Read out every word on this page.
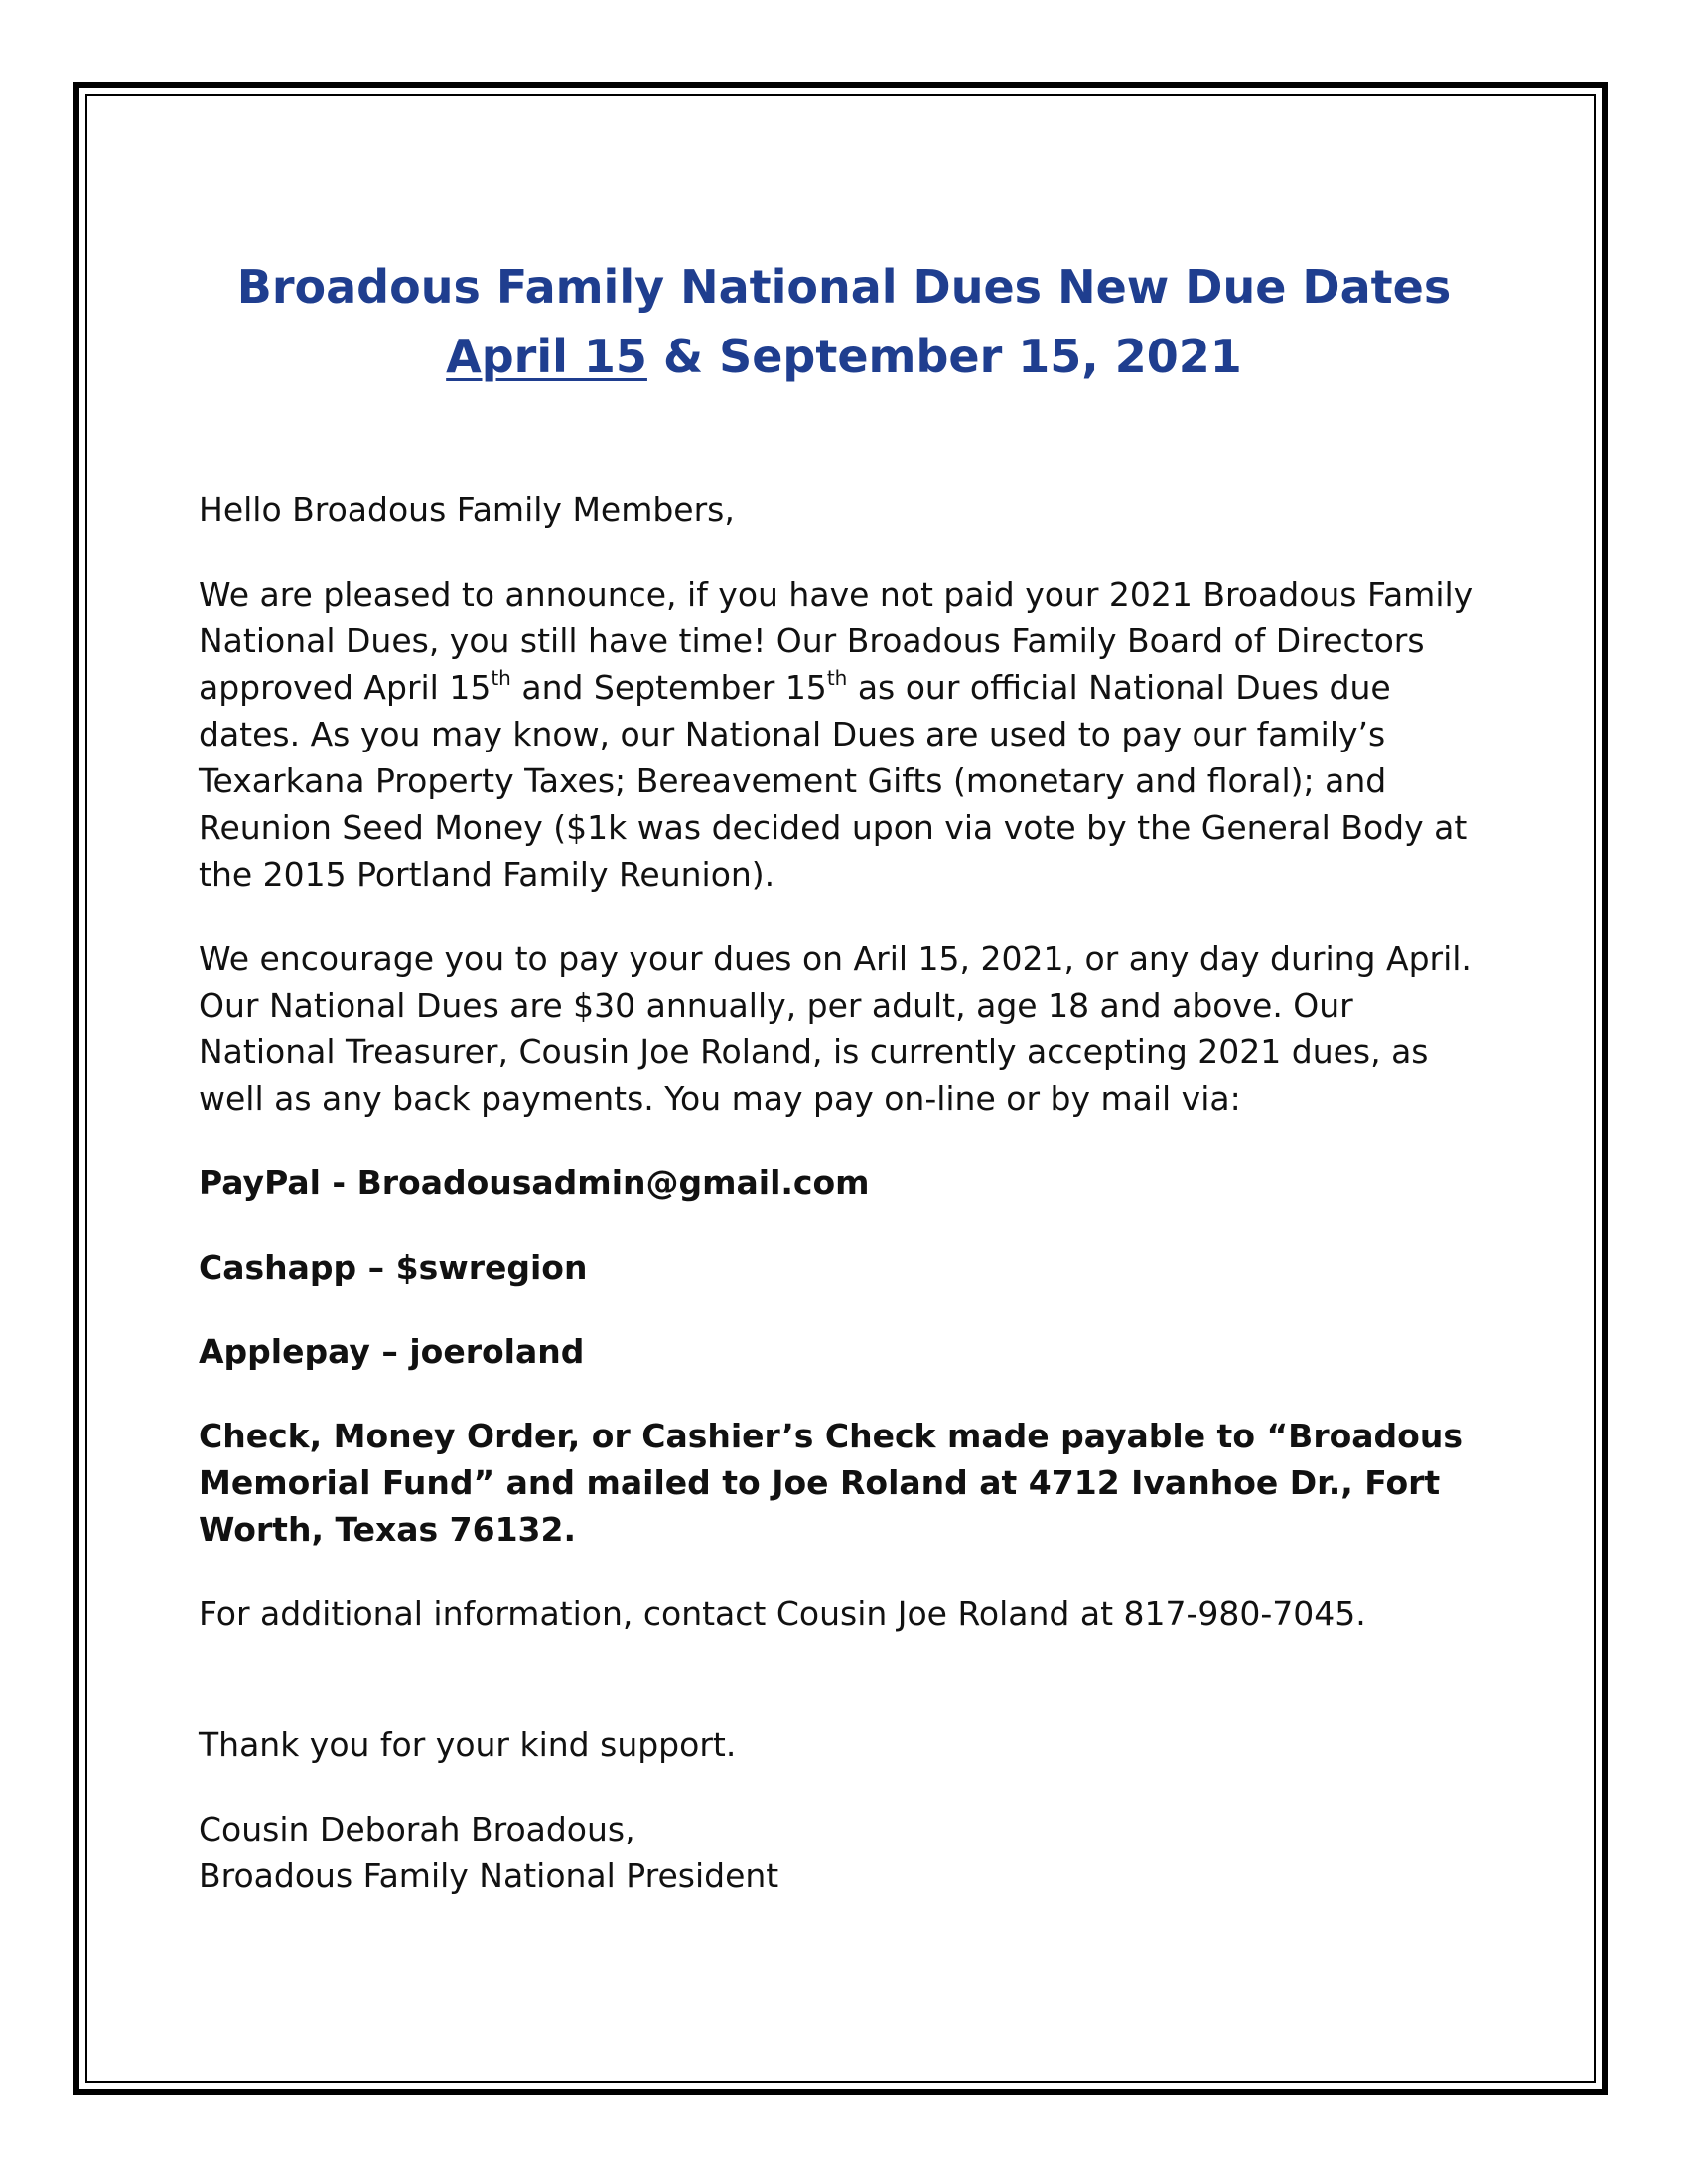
Broadous Family National Dues New Due Dates
April 15 & September 15, 2021

Hello Broadous Family Members,

We are pleased to announce, if you have not paid your 2021 Broadous Family National Dues, you still have time! Our Broadous Family Board of Directors approved April 15th and September 15th as our official National Dues due dates. As you may know, our National Dues are used to pay our family’s Texarkana Property Taxes; Bereavement Gifts (monetary and floral); and Reunion Seed Money ($1k was decided upon via vote by the General Body at the 2015 Portland Family Reunion).

We encourage you to pay your dues on Aril 15, 2021, or any day during April. Our National Dues are $30 annually, per adult, age 18 and above. Our National Treasurer, Cousin Joe Roland, is currently accepting 2021 dues, as well as any back payments. You may pay on-line or by mail via:

PayPal - Broadousadmin@gmail.com

Cashapp – $swregion

Applepay – joeroland

Check, Money Order, or Cashier’s Check made payable to “Broadous Memorial Fund” and mailed to Joe Roland at 4712 Ivanhoe Dr., Fort Worth, Texas 76132.

For additional information, contact Cousin Joe Roland at 817-980-7045.

Thank you for your kind support.

Cousin Deborah Broadous,

Broadous Family National President
